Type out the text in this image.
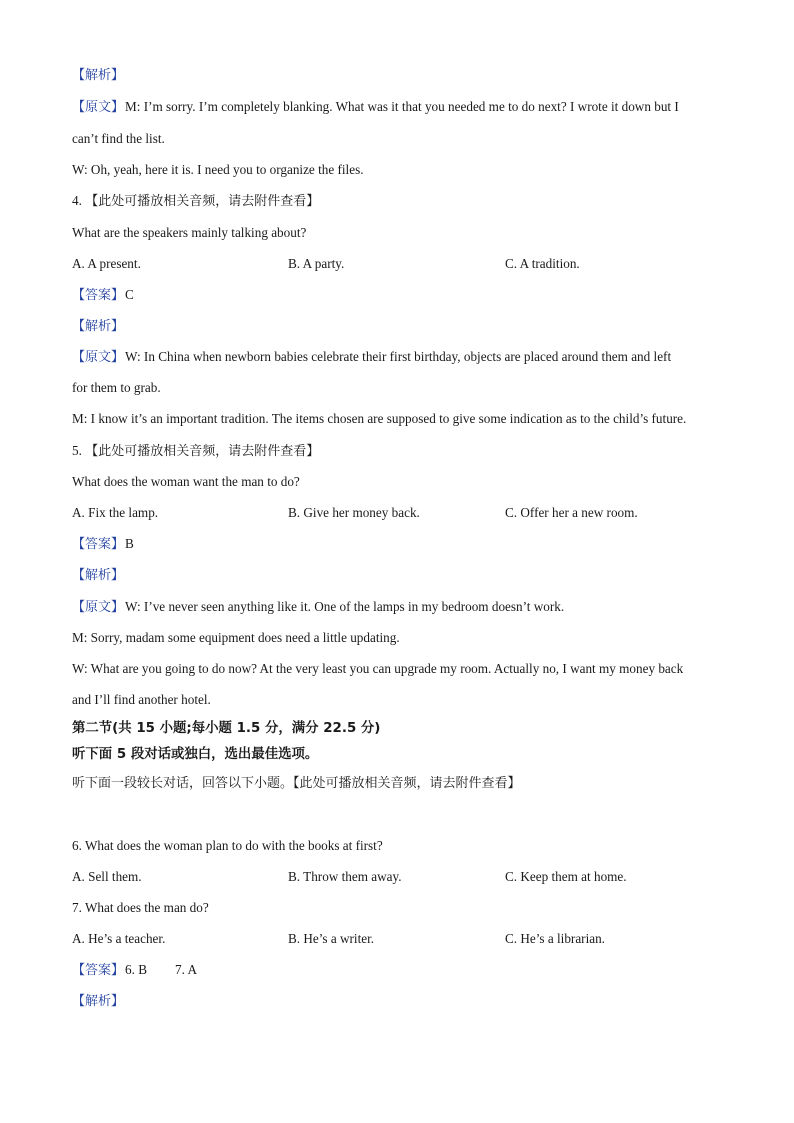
【解析】
【原文】M: I’m sorry. I’m completely blanking. What was it that you needed me to do next? I wrote it down but I
can’t find the list.
W: Oh, yeah, here it is. I need you to organize the files.
4. 【此处可播放相关音频，请去附件查看】
What are the speakers mainly talking about?
A. A present.	B. A party.	C. A tradition.
【答案】C
【解析】
【原文】W: In China when newborn babies celebrate their first birthday, objects are placed around them and left
for them to grab.
M: I know it’s an important tradition. The items chosen are supposed to give some indication as to the child’s future.
5. 【此处可播放相关音频，请去附件查看】
What does the woman want the man to do?
A. Fix the lamp.	B. Give her money back.	C. Offer her a new room.
【答案】B
【解析】
【原文】W: I’ve never seen anything like it. One of the lamps in my bedroom doesn’t work.
M: Sorry, madam some equipment does need a little updating.
W: What are you going to do now? At the very least you can upgrade my room. Actually no, I want my money back
and I’ll find another hotel.
第二节(共 15 小题;每小题 1.5 分，满分 22.5 分)
听下面 5 段对话或独白，选出最佳选项。
听下面一段较长对话，回答以下小题。【此处可播放相关音频，请去附件查看】
6. What does the woman plan to do with the books at first?
A. Sell them.	B. Throw them away.	C. Keep them at home.
7. What does the man do?
A. He’s a teacher.	B. He’s a writer.	C. He’s a librarian.
【答案】6. B 7. A
【解析】
